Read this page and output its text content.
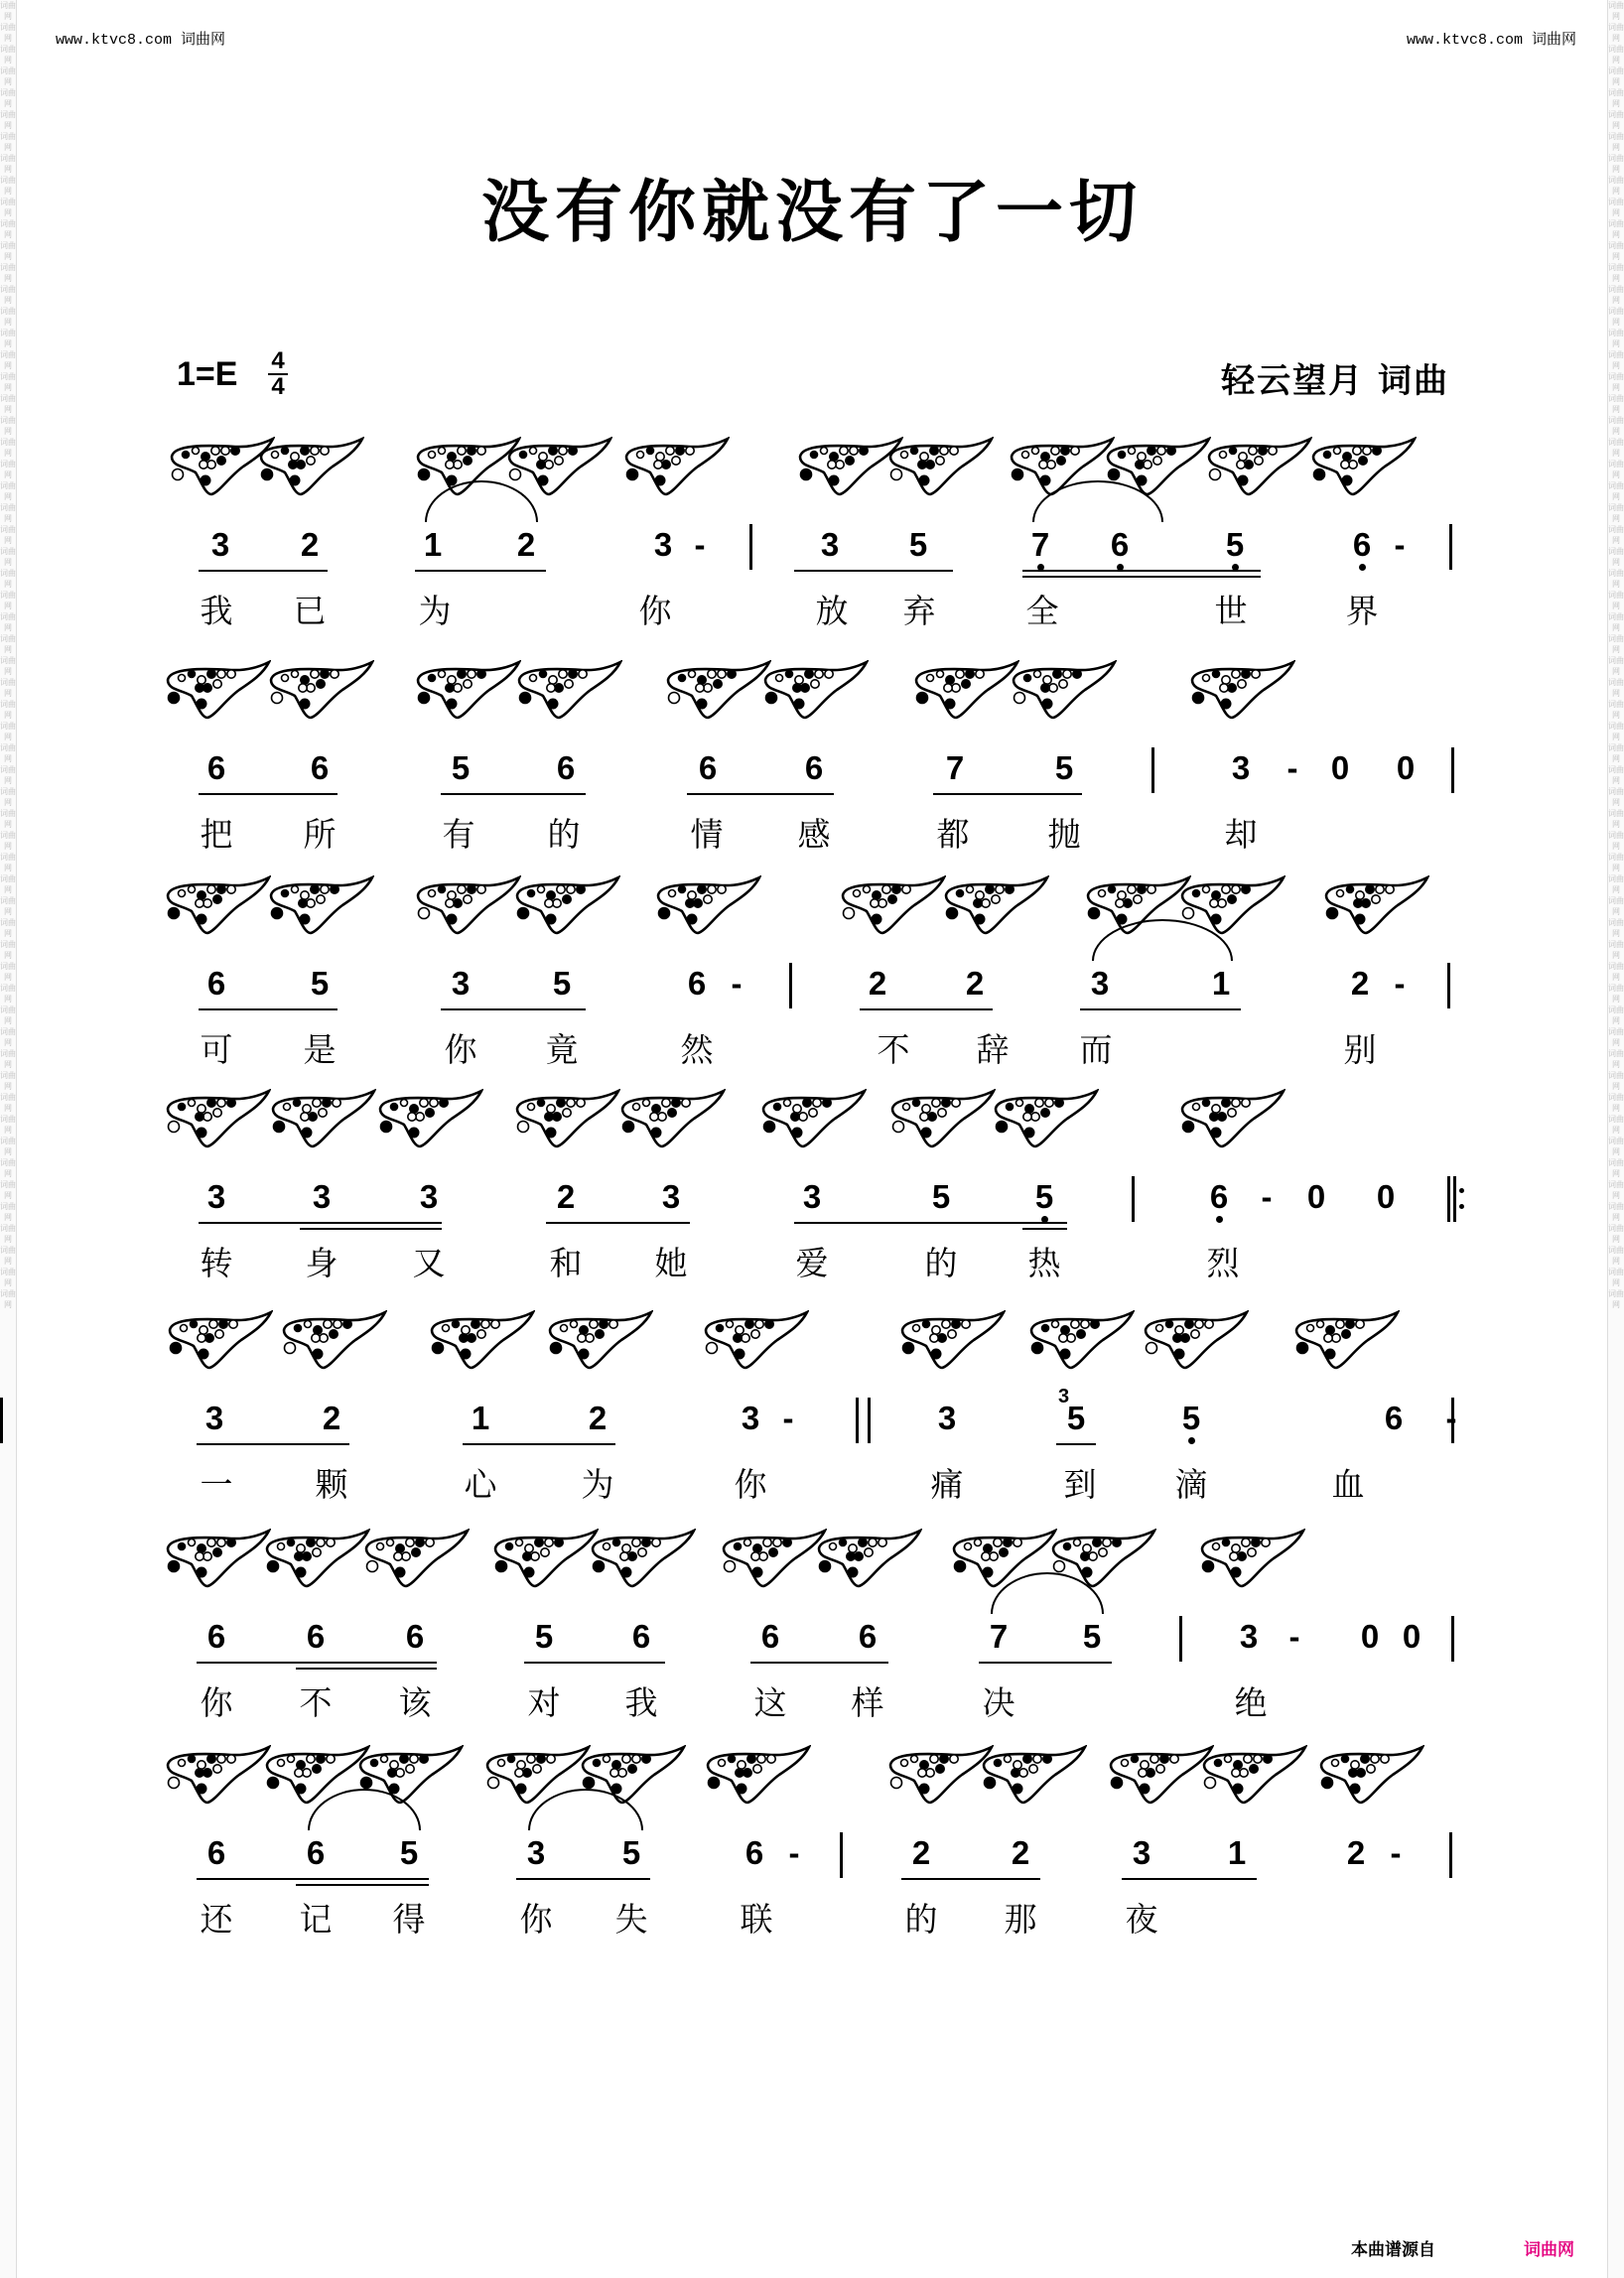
词曲网
词曲网
词曲网
词曲网
词曲网
词曲网
词曲网
词曲网
词曲网
词曲网
词曲网
词曲网
词曲网
词曲网
词曲网
词曲网
词曲网
词曲网
词曲网
词曲网
词曲网
词曲网
词曲网
词曲网
词曲网
词曲网
词曲网
词曲网
词曲网
词曲网
词曲网
词曲网
词曲网
词曲网
词曲网
词曲网
词曲网
词曲网
词曲网
词曲网
词曲网
词曲网
词曲网
词曲网
词曲网
词曲网
词曲网
词曲网
词曲网
词曲网
词曲网
词曲网
词曲网
词曲网
词曲网
词曲网
词曲网
词曲网
词曲网
词曲网
词曲网
词曲网
词曲网
词曲网
词曲网
词曲网
词曲网
词曲网
词曲网
词曲网
词曲网
词曲网
词曲网
词曲网
词曲网
词曲网
词曲网
词曲网
词曲网
词曲网
词曲网
词曲网
词曲网
词曲网
词曲网
词曲网
词曲网
词曲网
词曲网
词曲网
词曲网
词曲网
词曲网
词曲网
词曲网
词曲网
词曲网
词曲网
词曲网
词曲网
词曲网
词曲网
词曲网
词曲网
词曲网
词曲网
词曲网
词曲网
词曲网
词曲网
词曲网
词曲网
词曲网
词曲网
词曲网
词曲网
词曲网
词曲网
词曲网
词曲网
www.ktvc8.com 词曲网	www.ktvc8.com 词曲网
没有你就没有了一切
1=E 4
4	轻云望月 词曲
3	2	1	2	3 -	3	5	7	6	5	6 -
我 已	为	你	放 弃	全	世	界
6	6	5	6	6	6	7	5	3	-	0	0
把 所	有 的	情 感	都 抛	却
6	5	3	5	6 -	2	2	3	1	2 -
可 是	你 竟	然	不 辞 而	别
3	3	3	2	3	3	5	5	6	-	0	0
转 身 又	和 她	爱	的 热	烈
3	2	1	2	3 -	3	5	5	6	-
3
一	颗	心	为	你	痛	到 滴	血
6	6	6	5	6	6	6	7	5	3 -	0 0
你 不 该	对 我	这 样	决	绝
6	6	5	3	5	6 -	2	2	3	1	2 -
还 记 得	你 失	联	的 那	夜
本曲谱源自	词曲网
